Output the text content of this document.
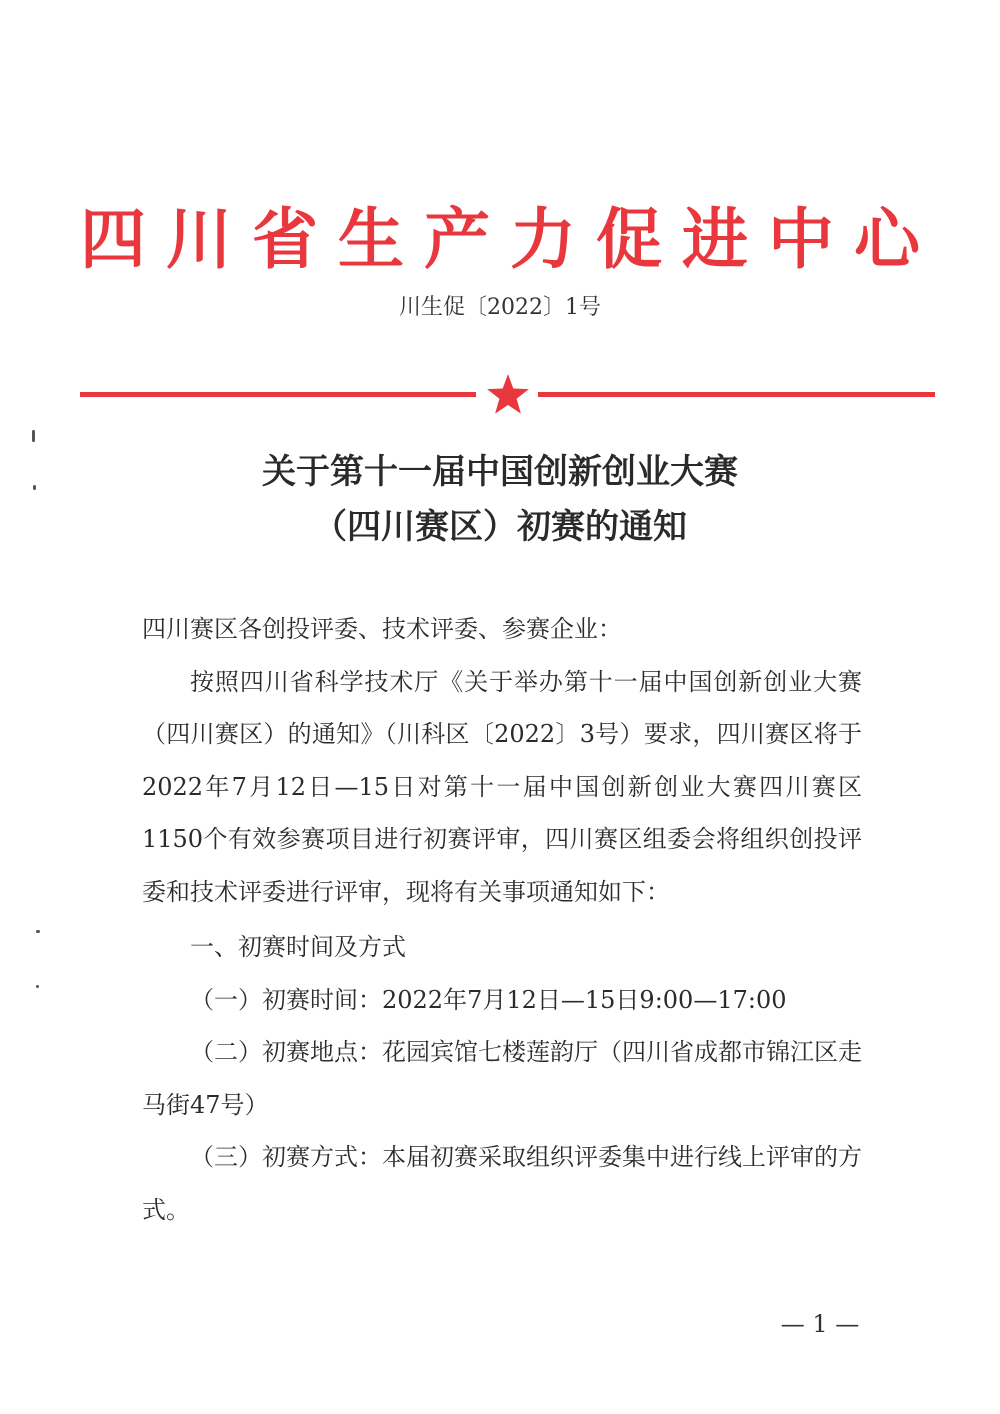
四川省生产力促进中心
川生促〔2022〕1号
关于第十一届中国创新创业大赛
（四川赛区）初赛的通知

四川赛区各创投评委、技术评委、参赛企业：

按照四川省科学技术厅《关于举办第十一届中国创新创业大赛（四川赛区）的通知》（川科区〔2022〕3号）要求，四川赛区将于2022年7月12日—15日对第十一届中国创新创业大赛四川赛区1150个有效参赛项目进行初赛评审，四川赛区组委会将组织创投评委和技术评委进行评审，现将有关事项通知如下：

一、初赛时间及方式

（一）初赛时间：2022年7月12日—15日9:00—17:00

（二）初赛地点：花园宾馆七楼莲韵厅（四川省成都市锦江区走马街47号）

（三）初赛方式：本届初赛采取组织评委集中进行线上评审的方式。

— 1 —
